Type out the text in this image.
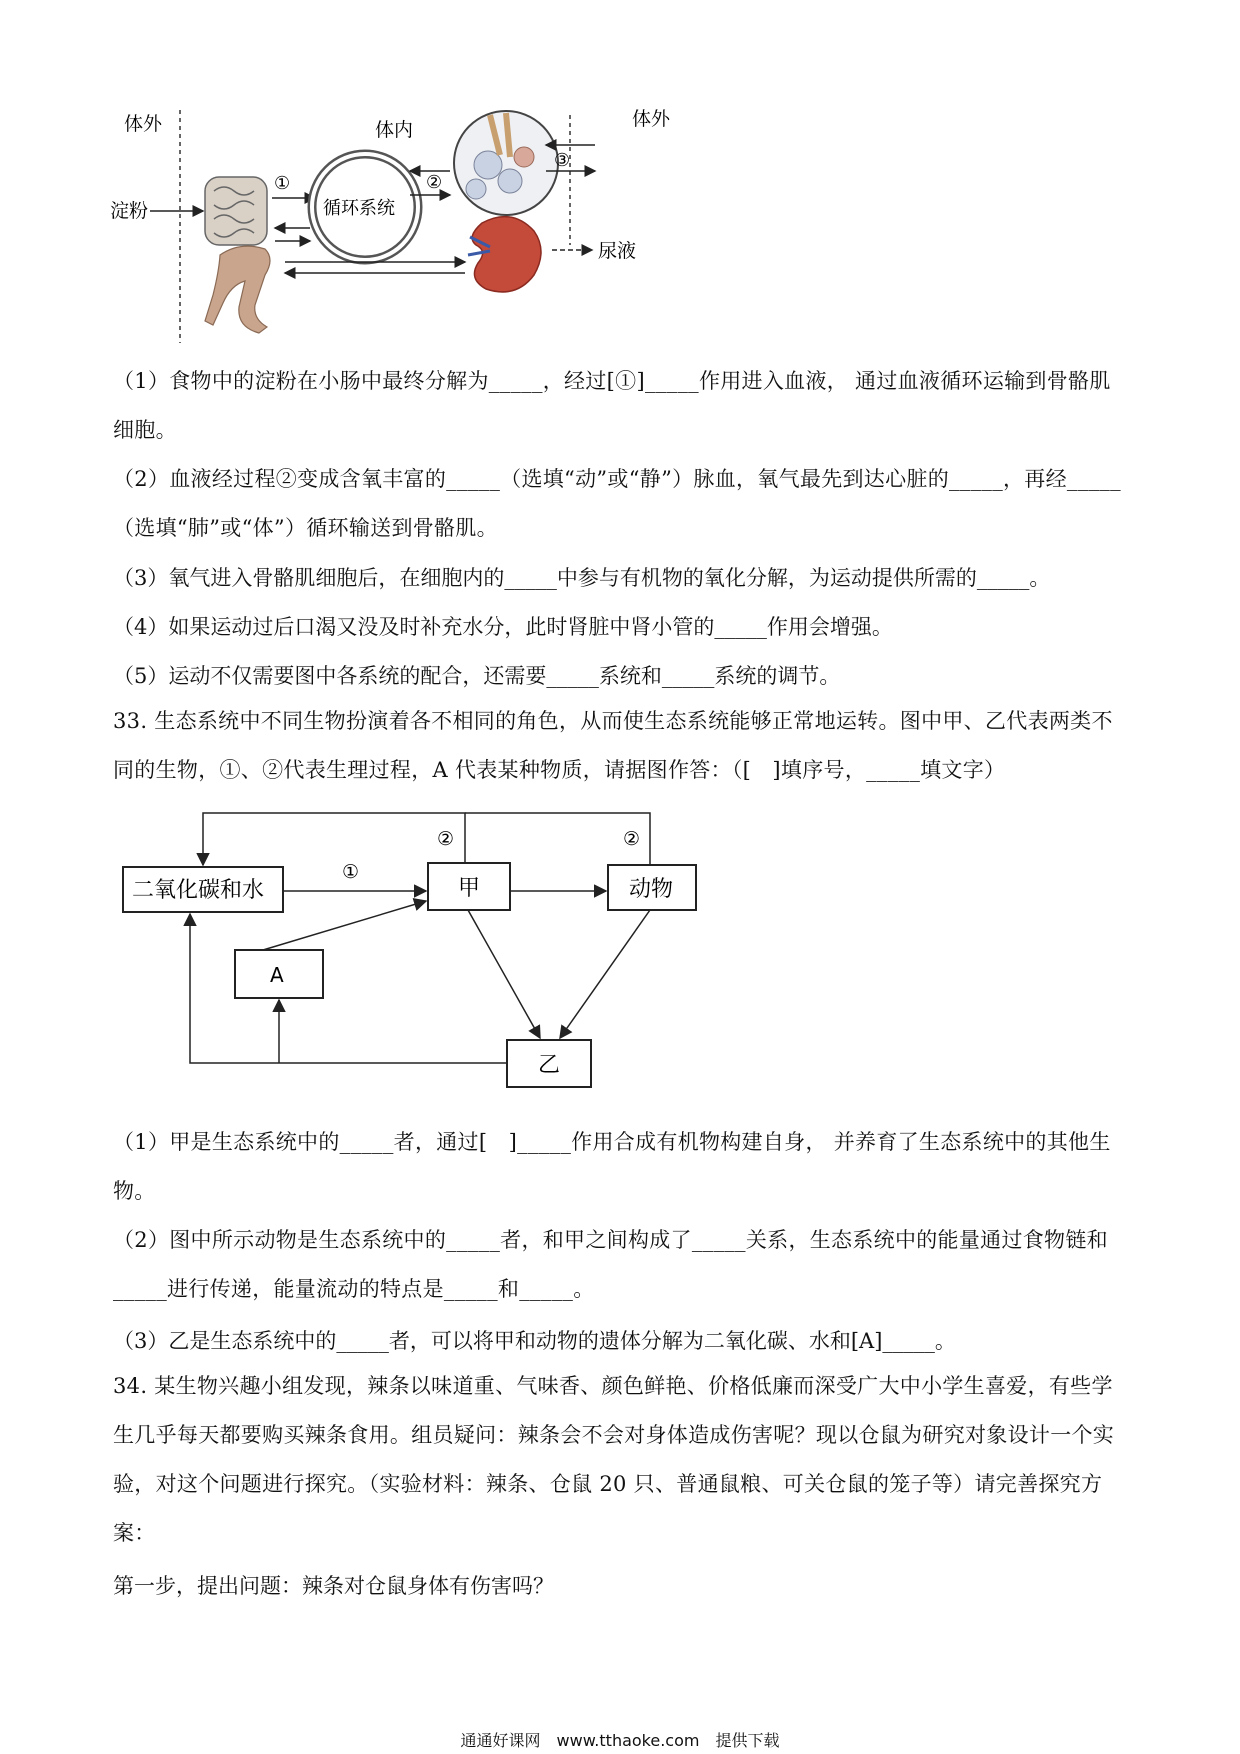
体外	体内	体外
淀粉
①
循环系统
②
③
尿液

（1）食物中的淀粉在小肠中最终分解为_____，经过[①]_____作用进入血液， 通过血液循环运输到骨骼肌细胞。

（2）血液经过程②变成含氧丰富的_____（选填“动”或“静”）脉血，氧气最先到达心脏的_____，再经_____（选填“肺”或“体”）循环输送到骨骼肌。

（3）氧气进入骨骼肌细胞后，在细胞内的_____中参与有机物的氧化分解，为运动提供所需的_____。

（4）如果运动过后口渴又没及时补充水分，此时肾脏中肾小管的_____作用会增强。

（5）运动不仅需要图中各系统的配合，还需要_____系统和_____系统的调节。

33. 生态系统中不同生物扮演着各不相同的角色，从而使生态系统能够正常地运转。图中甲、乙代表两类不同的生物，①、②代表生理过程，A 代表某种物质，请据图作答：（[　]填序号，_____填文字）

二氧化碳和水	甲	动物
A
乙
②	②
①

（1）甲是生态系统中的_____者，通过[　]_____作用合成有机物构建自身， 并养育了生态系统中的其他生物。

（2）图中所示动物是生态系统中的_____者，和甲之间构成了_____关系，生态系统中的能量通过食物链和_____进行传递，能量流动的特点是_____和_____。

（3）乙是生态系统中的_____者，可以将甲和动物的遗体分解为二氧化碳、水和[A]_____。

34. 某生物兴趣小组发现，辣条以味道重、气味香、颜色鲜艳、价格低廉而深受广大中小学生喜爱，有些学生几乎每天都要购买辣条食用。组员疑问：辣条会不会对身体造成伤害呢？现以仓鼠为研究对象设计一个实验，对这个问题进行探究。（实验材料：辣条、仓鼠 20 只、普通鼠粮、可关仓鼠的笼子等）请完善探究方案：

第一步，提出问题：辣条对仓鼠身体有伤害吗？

通通好课网　www.tthaoke.com　提供下载
